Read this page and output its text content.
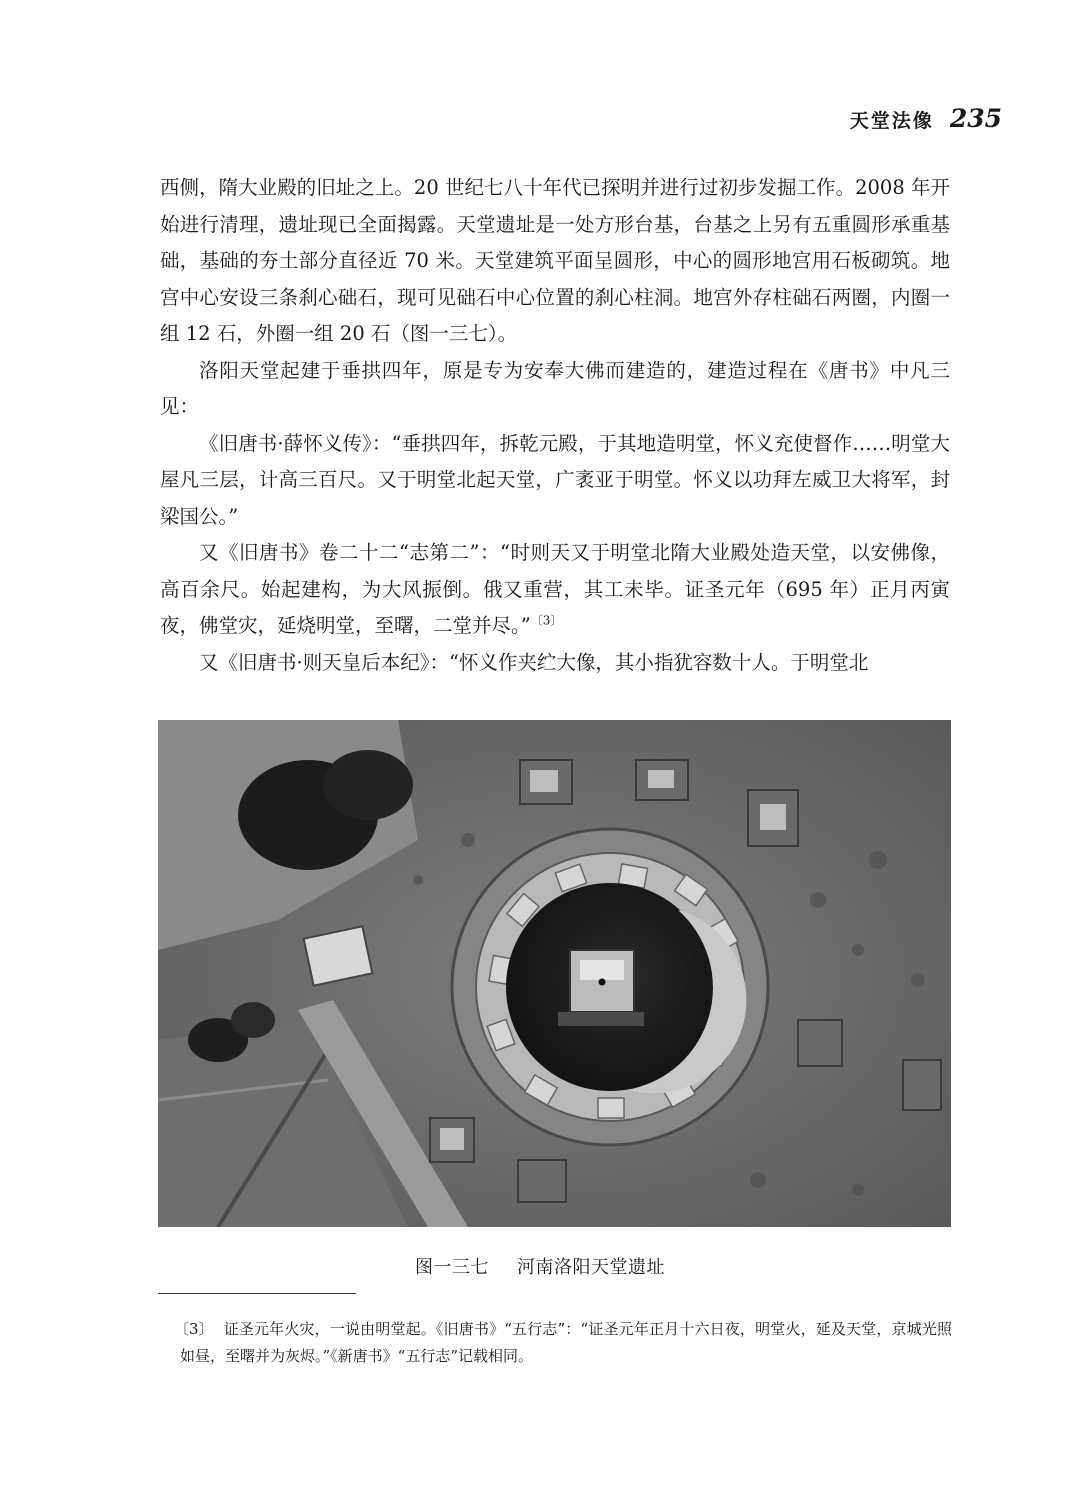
天堂法像 235

西侧，隋大业殿的旧址之上。20 世纪七八十年代已探明并进行过初步发掘工作。2008 年开始进行清理，遗址现已全面揭露。天堂遗址是一处方形台基，台基之上另有五重圆形承重基础，基础的夯土部分直径近 70 米。天堂建筑平面呈圆形，中心的圆形地宫用石板砌筑。地宫中心安设三条刹心础石，现可见础石中心位置的刹心柱洞。地宫外存柱础石两圈，内圈一组 12 石，外圈一组 20 石（图一三七）。

洛阳天堂起建于垂拱四年，原是专为安奉大佛而建造的，建造过程在《唐书》中凡三见：

《旧唐书·薛怀义传》：“垂拱四年，拆乾元殿，于其地造明堂，怀义充使督作……明堂大屋凡三层，计高三百尺。又于明堂北起天堂，广袤亚于明堂。怀义以功拜左威卫大将军，封梁国公。”

又《旧唐书》卷二十二“志第二”：“时则天又于明堂北隋大业殿处造天堂，以安佛像，高百余尺。始起建构，为大风振倒。俄又重营，其工未毕。证圣元年（695 年）正月丙寅夜，佛堂灾，延烧明堂，至曙，二堂并尽。”$^{〔3〕}$

又《旧唐书·则天皇后本纪》：“怀义作夹纻大像，其小指犹容数十人。于明堂北

图一三七 河南洛阳天堂遗址
〔3〕 证圣元年火灾，一说由明堂起。《旧唐书》“五行志”：“证圣元年正月十六日夜，明堂火，延及天堂，京城光照如昼，至曙并为灰烬。”《新唐书》“五行志”记载相同。
